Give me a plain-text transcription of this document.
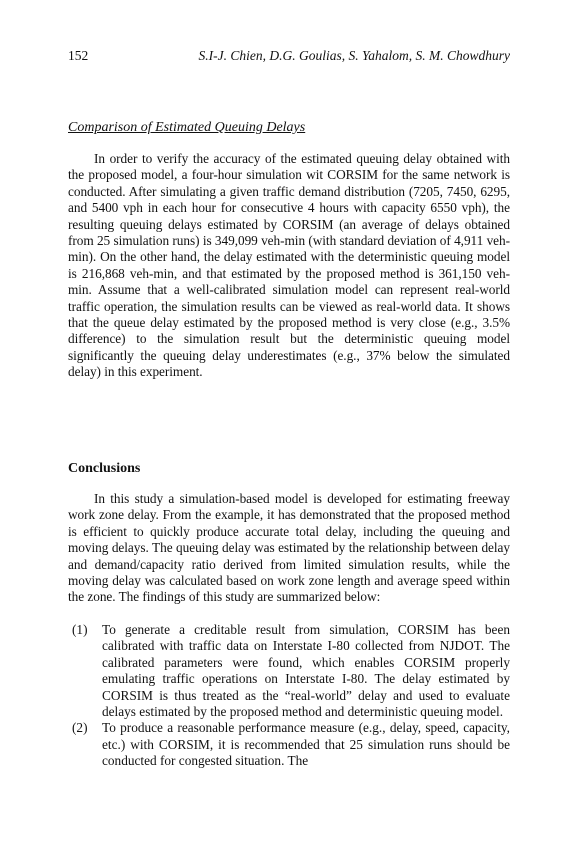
152	S.I-J. Chien, D.G. Goulias, S. Yahalom, S. M. Chowdhury
Comparison of Estimated Queuing Delays

In order to verify the accuracy of the estimated queuing delay obtained with the proposed model, a four-hour simulation wit CORSIM for the same network is conducted. After simulating a given traffic demand distribution (7205, 7450, 6295, and 5400 vph in each hour for consecutive 4 hours with capacity 6550 vph), the resulting queuing delays estimated by CORSIM (an average of delays obtained from 25 simulation runs) is 349,099 veh-min (with standard deviation of 4,911 veh-min). On the other hand, the delay estimated with the deterministic queuing model is 216,868 veh-min, and that estimated by the proposed method is 361,150 veh-min. Assume that a well-calibrated simulation model can represent real-world traffic operation, the simulation results can be viewed as real-world data. It shows that the queue delay estimated by the proposed method is very close (e.g., 3.5% difference) to the simulation result but the deterministic queuing model significantly the queuing delay underestimates (e.g., 37% below the simulated delay) in this experiment.

Conclusions

In this study a simulation-based model is developed for estimating freeway work zone delay. From the example, it has demonstrated that the proposed method is efficient to quickly produce accurate total delay, including the queuing and moving delays. The queuing delay was estimated by the relationship between delay and demand/capacity ratio derived from limited simulation results, while the moving delay was calculated based on work zone length and average speed within the zone. The findings of this study are summarized below:

(1) To generate a creditable result from simulation, CORSIM has been calibrated with traffic data on Interstate I-80 collected from NJDOT. The calibrated parameters were found, which enables CORSIM properly emulating traffic operations on Interstate I-80. The delay estimated by CORSIM is thus treated as the “real-world” delay and used to evaluate delays estimated by the proposed method and deterministic queuing model.
(2) To produce a reasonable performance measure (e.g., delay, speed, capacity, etc.) with CORSIM, it is recommended that 25 simulation runs should be conducted for congested situation. The
